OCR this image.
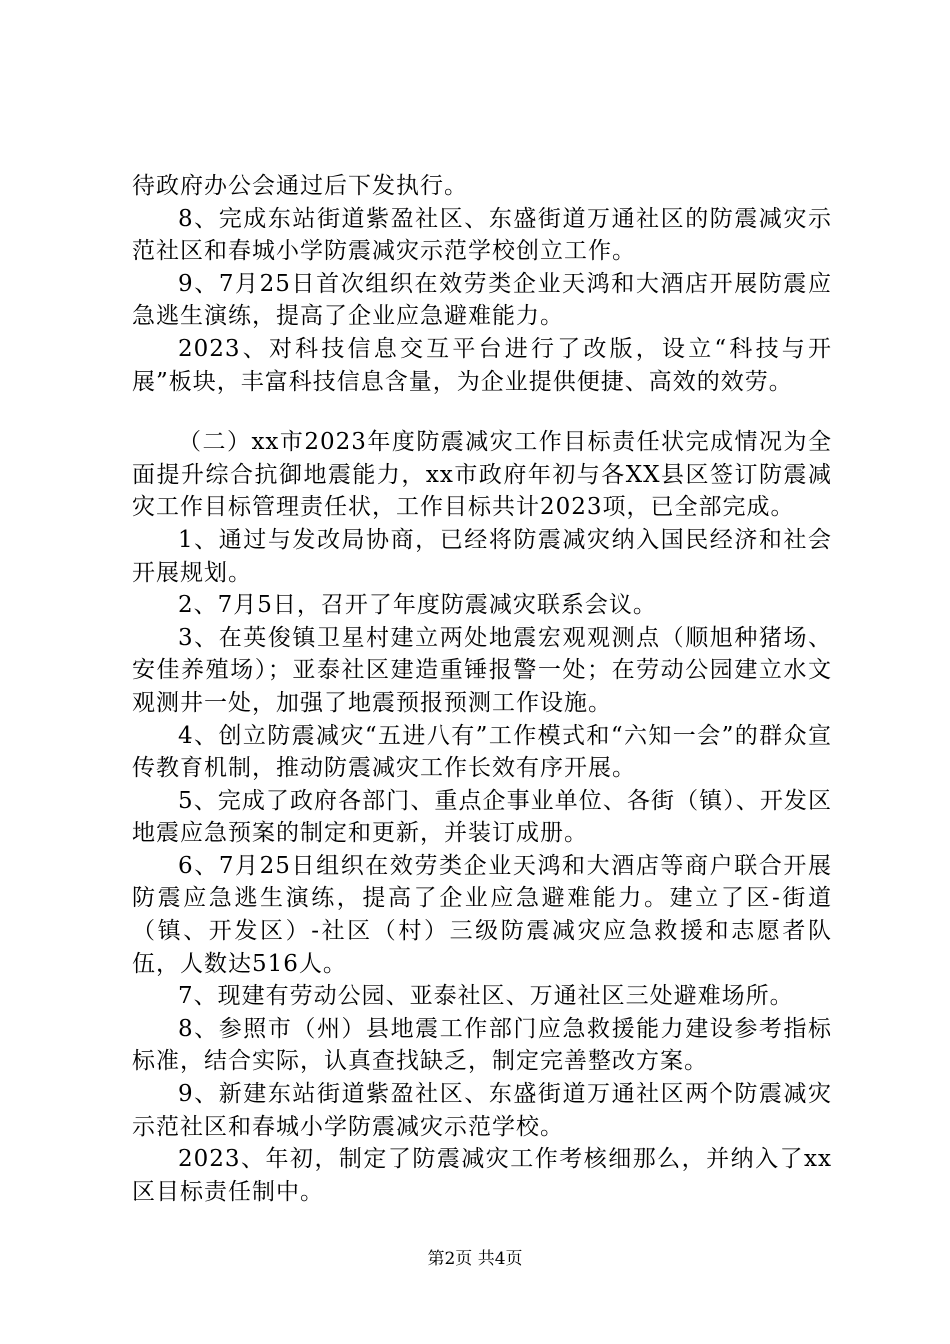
待政府办公会通过后下发执行。

8、完成东站街道紫盈社区、东盛街道万通社区的防震减灾示范社区和春城小学防震减灾示范学校创立工作。

9、7月25日首次组织在效劳类企业天鸿和大酒店开展防震应急逃生演练，提高了企业应急避难能力。

2023、对科技信息交互平台进行了改版，设立“科技与开展”板块，丰富科技信息含量，为企业提供便捷、高效的效劳。

（二）xx市2023年度防震减灾工作目标责任状完成情况为全面提升综合抗御地震能力，xx市政府年初与各XX县区签订防震减灾工作目标管理责任状，工作目标共计2023项，已全部完成。

1、通过与发改局协商，已经将防震减灾纳入国民经济和社会开展规划。

2、7月5日，召开了年度防震减灾联系会议。

3、在英俊镇卫星村建立两处地震宏观观测点（顺旭种猪场、安佳养殖场）；亚泰社区建造重锤报警一处；在劳动公园建立水文观测井一处，加强了地震预报预测工作设施。

4、创立防震减灾“五进八有”工作模式和“六知一会”的群众宣传教育机制，推动防震减灾工作长效有序开展。

5、完成了政府各部门、重点企事业单位、各街（镇）、开发区地震应急预案的制定和更新，并装订成册。

6、7月25日组织在效劳类企业天鸿和大酒店等商户联合开展防震应急逃生演练，提高了企业应急避难能力。建立了区-街道（镇、开发区）-社区（村）三级防震减灾应急救援和志愿者队伍，人数达516人。

7、现建有劳动公园、亚泰社区、万通社区三处避难场所。

8、参照市（州）县地震工作部门应急救援能力建设参考指标标准，结合实际，认真查找缺乏，制定完善整改方案。

9、新建东站街道紫盈社区、东盛街道万通社区两个防震减灾示范社区和春城小学防震减灾示范学校。

2023、年初，制定了防震减灾工作考核细那么，并纳入了xx区目标责任制中。

第2页 共4页
